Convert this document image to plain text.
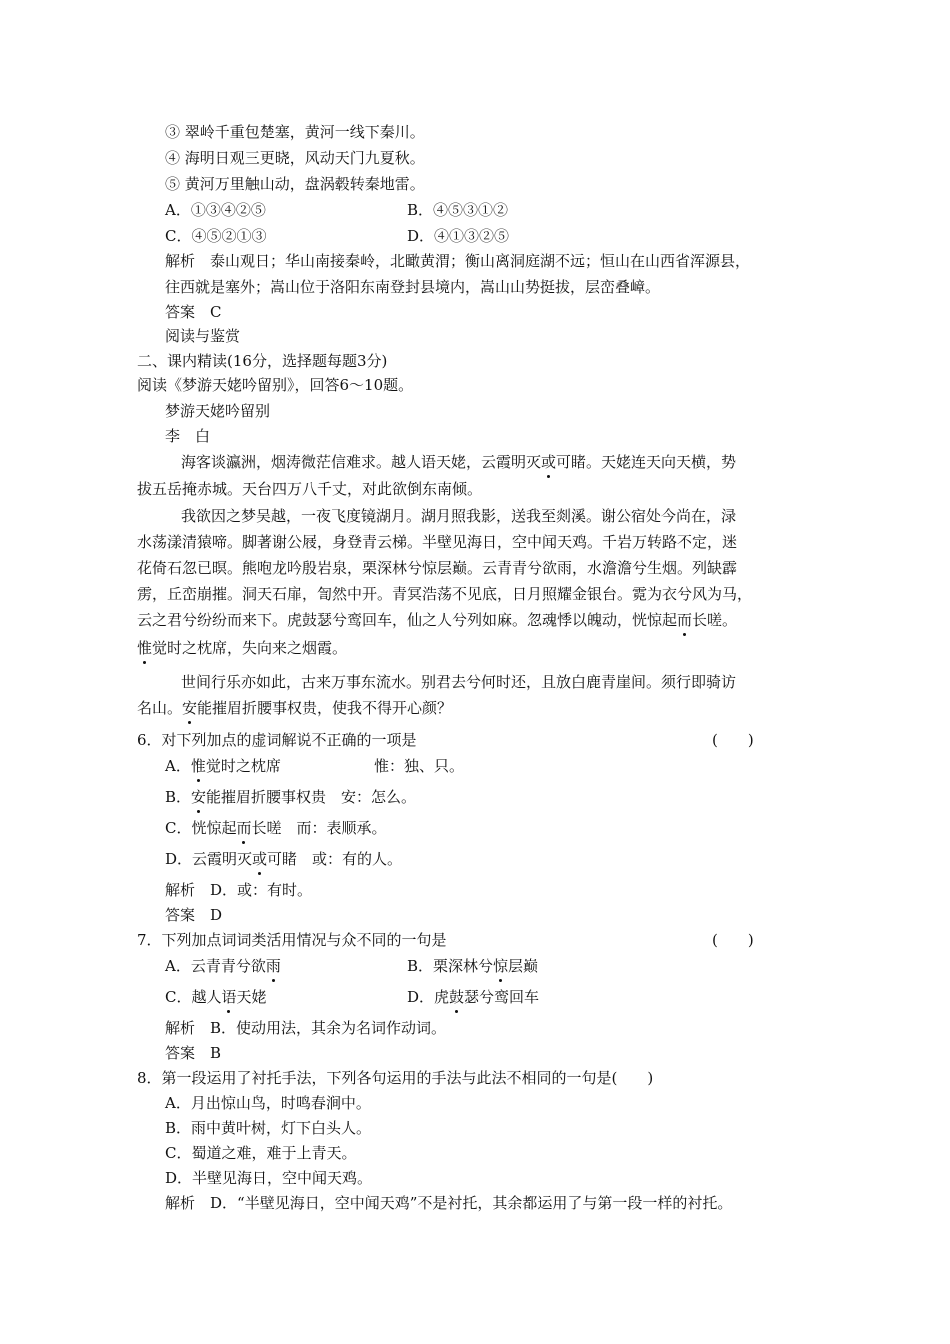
③ 翠岭千重包楚塞，黄河一线下秦川。
④ 海明日观三更晓，风动天门九夏秋。
⑤ 黄河万里触山动，盘涡毂转秦地雷。
A．①③④②⑤	B．④⑤③①②
C．④⑤②①③	D．④①③②⑤
解析　泰山观日；华山南接秦岭，北瞰黄渭；衡山离洞庭湖不远；恒山在山西省浑源县，
往西就是塞外；嵩山位于洛阳东南登封县境内，嵩山山势挺拔，层峦叠嶂。
答案　C
阅读与鉴赏
二、课内精读(16分，选择题每题3分)
阅读《梦游天姥吟留别》，回答6～10题。
梦游天姥吟留别
李　白
海客谈瀛洲，烟涛微茫信难求。越人语天姥，云霞明灭或可睹。天姥连天向天横，势
拔五岳掩赤城。天台四万八千丈，对此欲倒东南倾。
我欲因之梦吴越，一夜飞度镜湖月。湖月照我影，送我至剡溪。谢公宿处今尚在，渌
水荡漾清猿啼。脚著谢公屐，身登青云梯。半壁见海日，空中闻天鸡。千岩万转路不定，迷
花倚石忽已暝。熊咆龙吟殷岩泉，栗深林兮惊层巅。云青青兮欲雨，水澹澹兮生烟。列缺霹
雳，丘峦崩摧。洞天石扉，訇然中开。青冥浩荡不见底，日月照耀金银台。霓为衣兮风为马，
云之君兮纷纷而来下。虎鼓瑟兮鸾回车，仙之人兮列如麻。忽魂悸以魄动，恍惊起而长嗟。
惟觉时之枕席，失向来之烟霞。
世间行乐亦如此，古来万事东流水。别君去兮何时还，且放白鹿青崖间。须行即骑访
名山。安能摧眉折腰事权贵，使我不得开心颜？
6．对下列加点的虚词解说不正确的一项是	(　　)
A．惟觉时之枕席	惟：独、只。
B．安能摧眉折腰事权贵　安：怎么。
C．恍惊起而长嗟　而：表顺承。
D．云霞明灭或可睹　或：有的人。
解析　D．或：有时。
答案　D
7．下列加点词词类活用情况与众不同的一句是	(　　)
A．云青青兮欲雨	B．栗深林兮惊层巅
C．越人语天姥	D．虎鼓瑟兮鸾回车
解析　B．使动用法，其余为名词作动词。
答案　B
8．第一段运用了衬托手法，下列各句运用的手法与此法不相同的一句是(　　)
A．月出惊山鸟，时鸣春涧中。
B．雨中黄叶树，灯下白头人。
C．蜀道之难，难于上青天。
D．半壁见海日，空中闻天鸡。
解析　D．“半壁见海日，空中闻天鸡”不是衬托，其余都运用了与第一段一样的衬托。
